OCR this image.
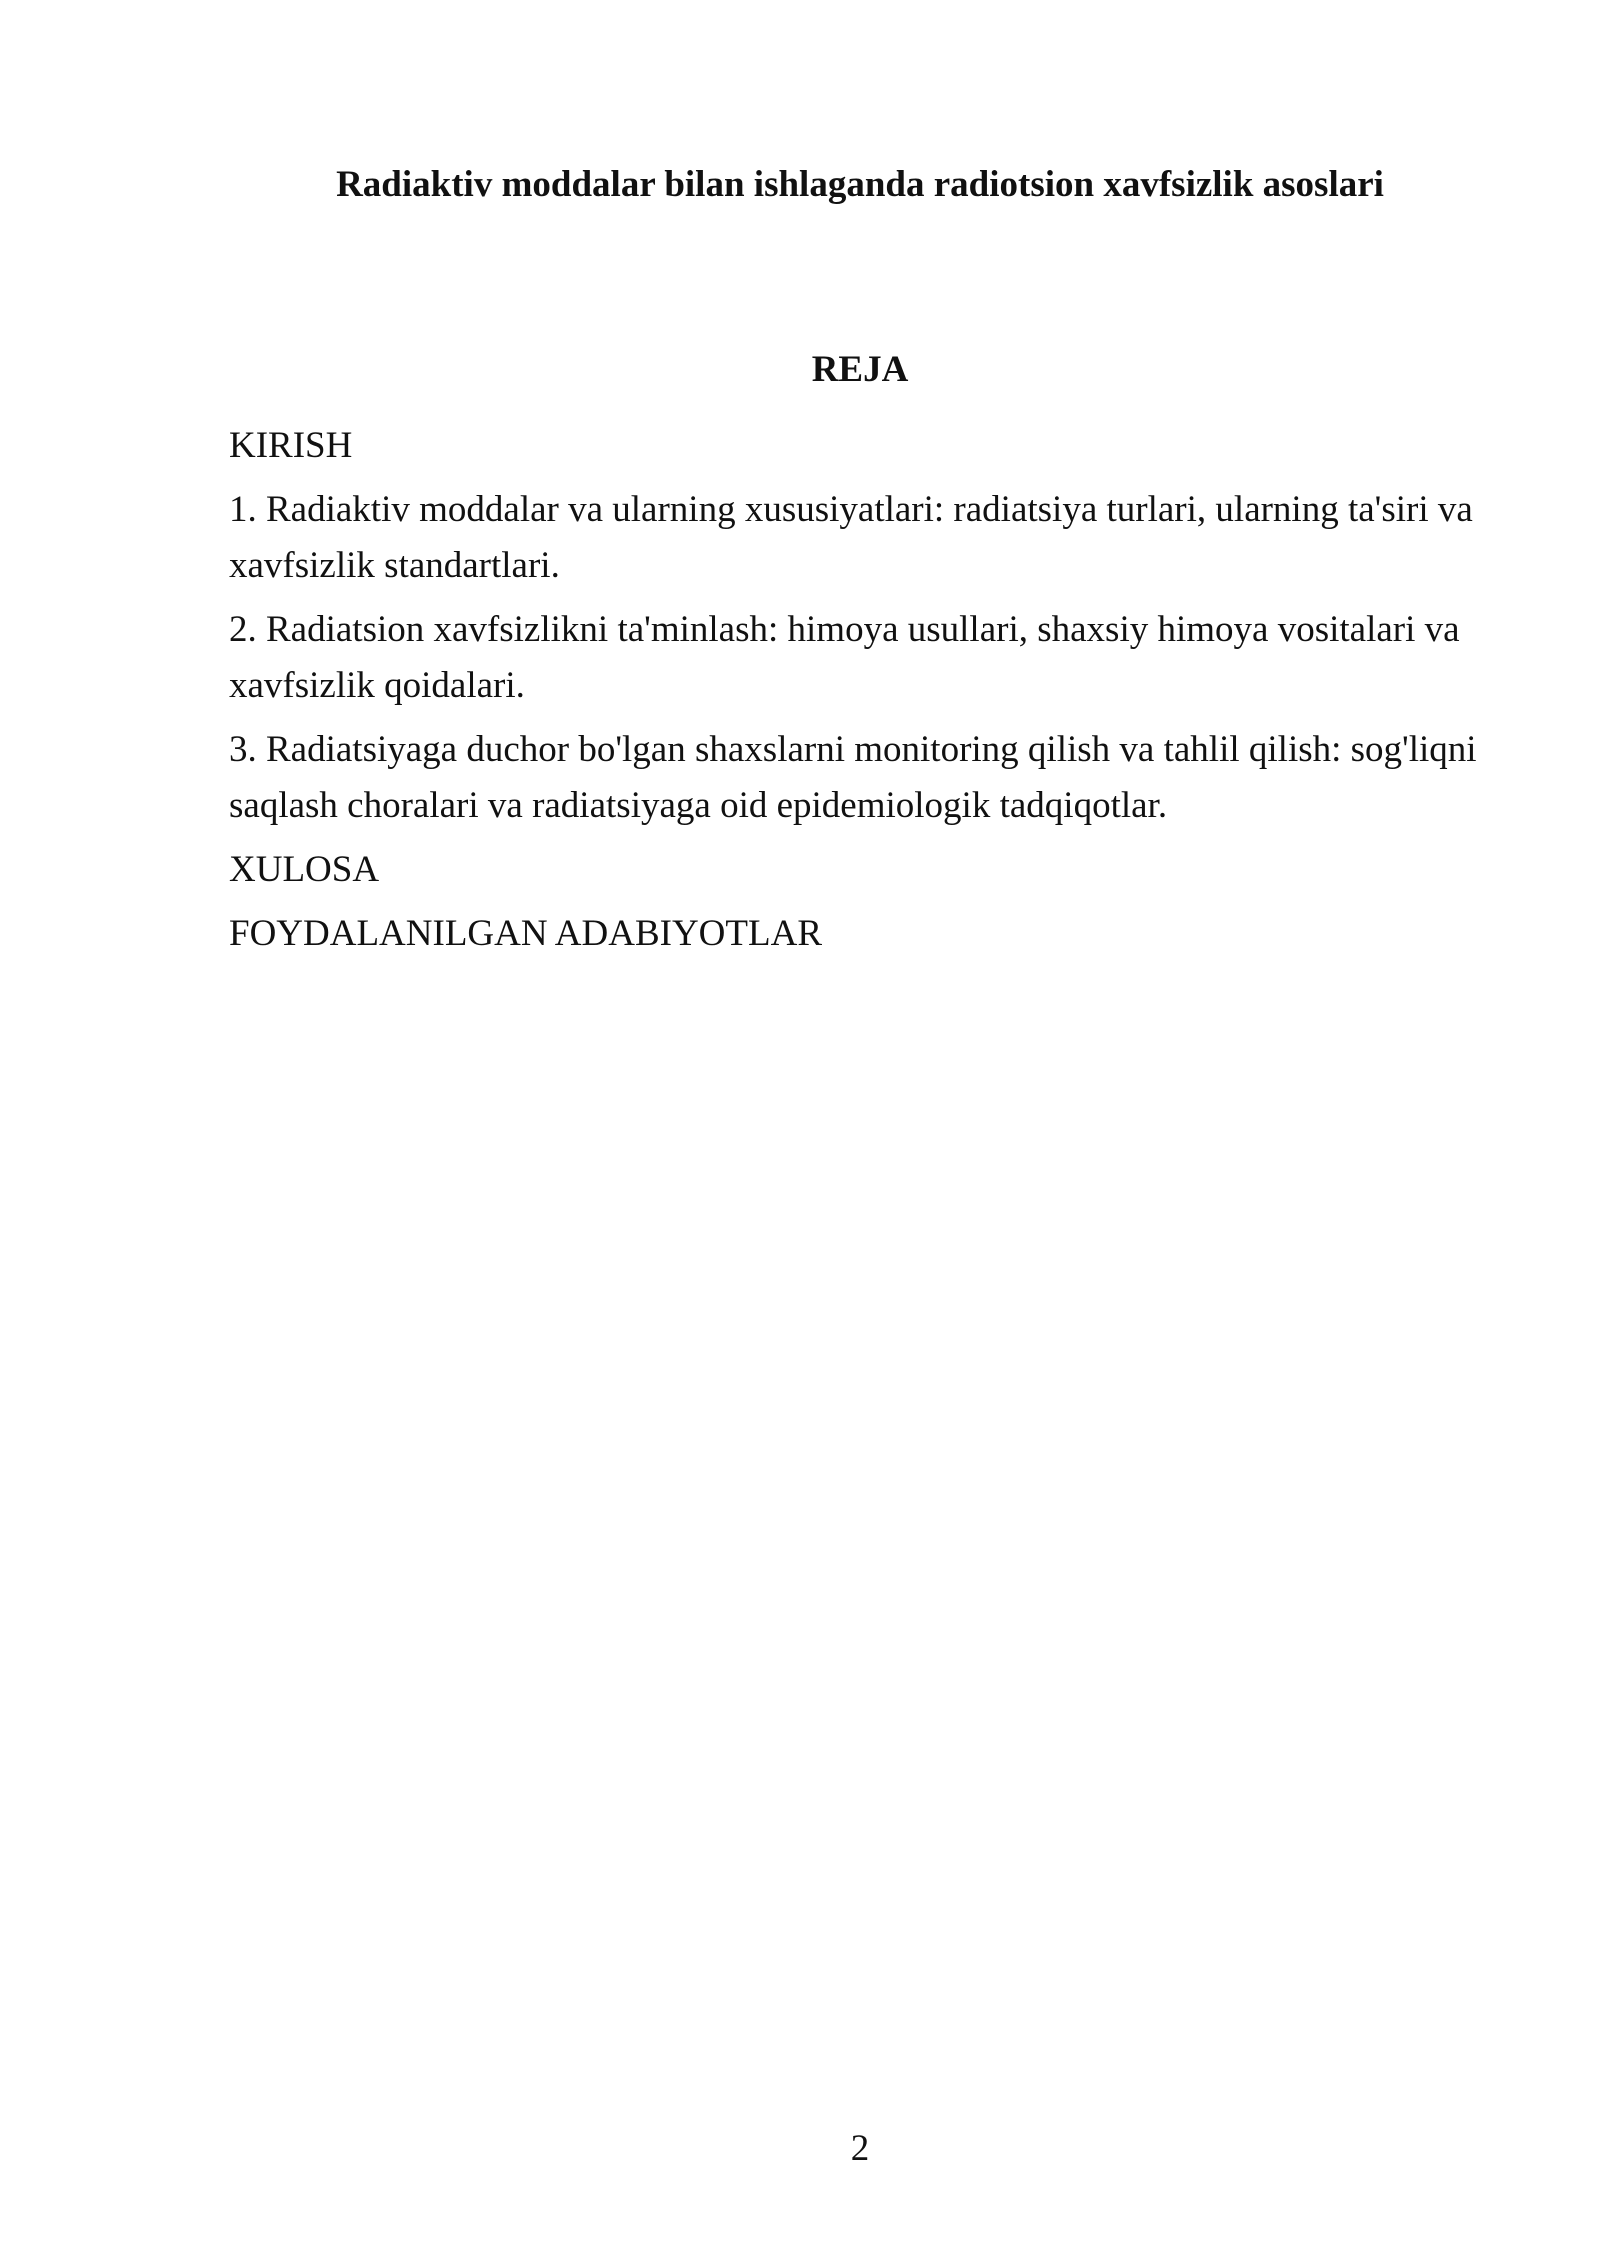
Radiaktiv moddalar bilan ishlaganda radiotsion xavfsizlik asoslari
REJA
KIRISH
1. Radiaktiv moddalar va ularning xususiyatlari: radiatsiya turlari, ularning ta'siri va xavfsizlik standartlari.
2. Radiatsion xavfsizlikni ta'minlash: himoya usullari, shaxsiy himoya vositalari va xavfsizlik qoidalari.
3. Radiatsiyaga duchor bo'lgan shaxslarni monitoring qilish va tahlil qilish: sog'liqni saqlash choralari va radiatsiyaga oid epidemiologik tadqiqotlar.
XULOSA
FOYDALANILGAN ADABIYOTLAR
2
